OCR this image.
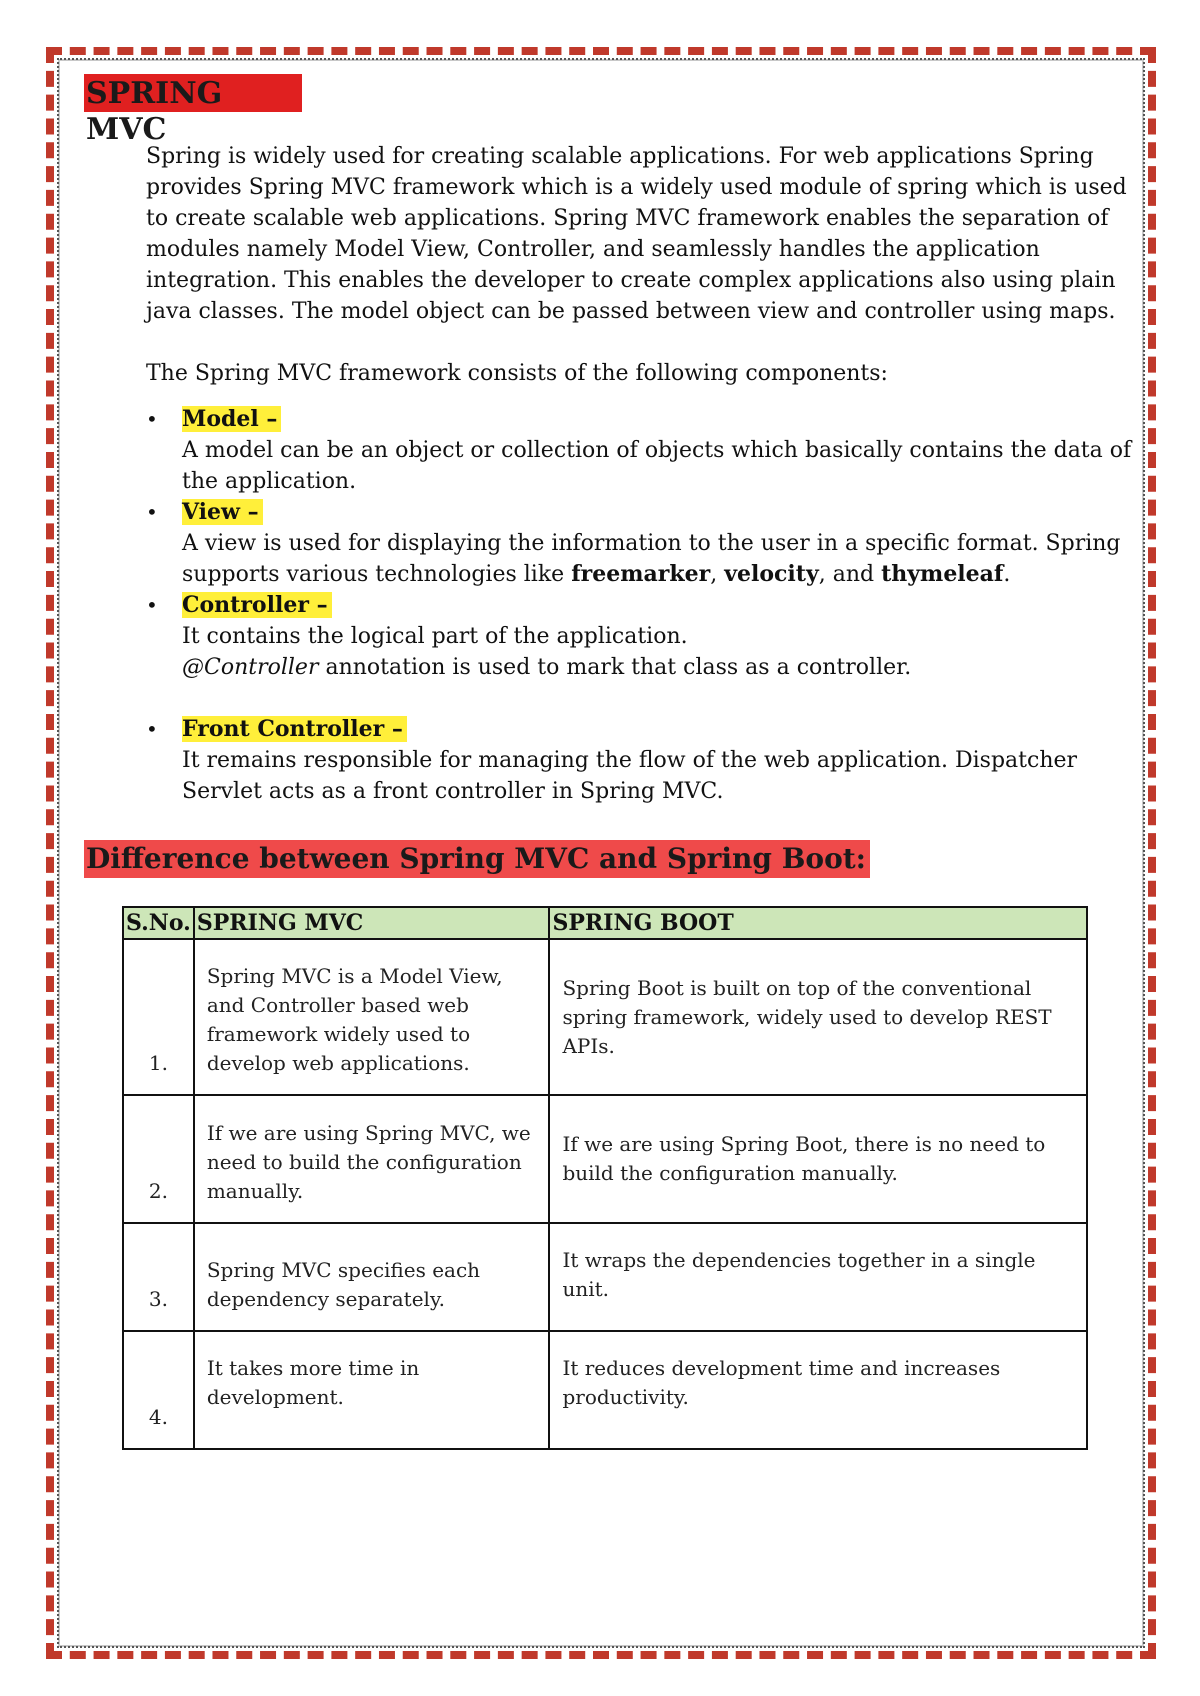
SPRING MVC

Spring is widely used for creating scalable applications. For web applications Spring provides Spring MVC framework which is a widely used module of spring which is used to create scalable web applications. Spring MVC framework enables the separation of modules namely Model View, Controller, and seamlessly handles the application integration. This enables the developer to create complex applications also using plain java classes. The model object can be passed between view and controller using maps.

The Spring MVC framework consists of the following components:

• Model –
A model can be an object or collection of objects which basically contains the data of the application.
• View –
A view is used for displaying the information to the user in a specific format. Spring supports various technologies like freemarker, velocity, and thymeleaf.
• Controller –
It contains the logical part of the application.
@Controller annotation is used to mark that class as a controller.
• Front Controller –
It remains responsible for managing the flow of the web application. Dispatcher Servlet acts as a front controller in Spring MVC.
Difference between Spring MVC and Spring Boot:
S.No.	SPRING MVC	SPRING BOOT
1.	Spring MVC is a Model View, and Controller based web framework widely used to develop web applications.	Spring Boot is built on top of the conventional spring framework, widely used to develop REST APIs.
2.	If we are using Spring MVC, we need to build the configuration manually.	If we are using Spring Boot, there is no need to build the configuration manually.
3.	Spring MVC specifies each dependency separately.	It wraps the dependencies together in a single unit.
4.	It takes more time in development.	It reduces development time and increases productivity.
